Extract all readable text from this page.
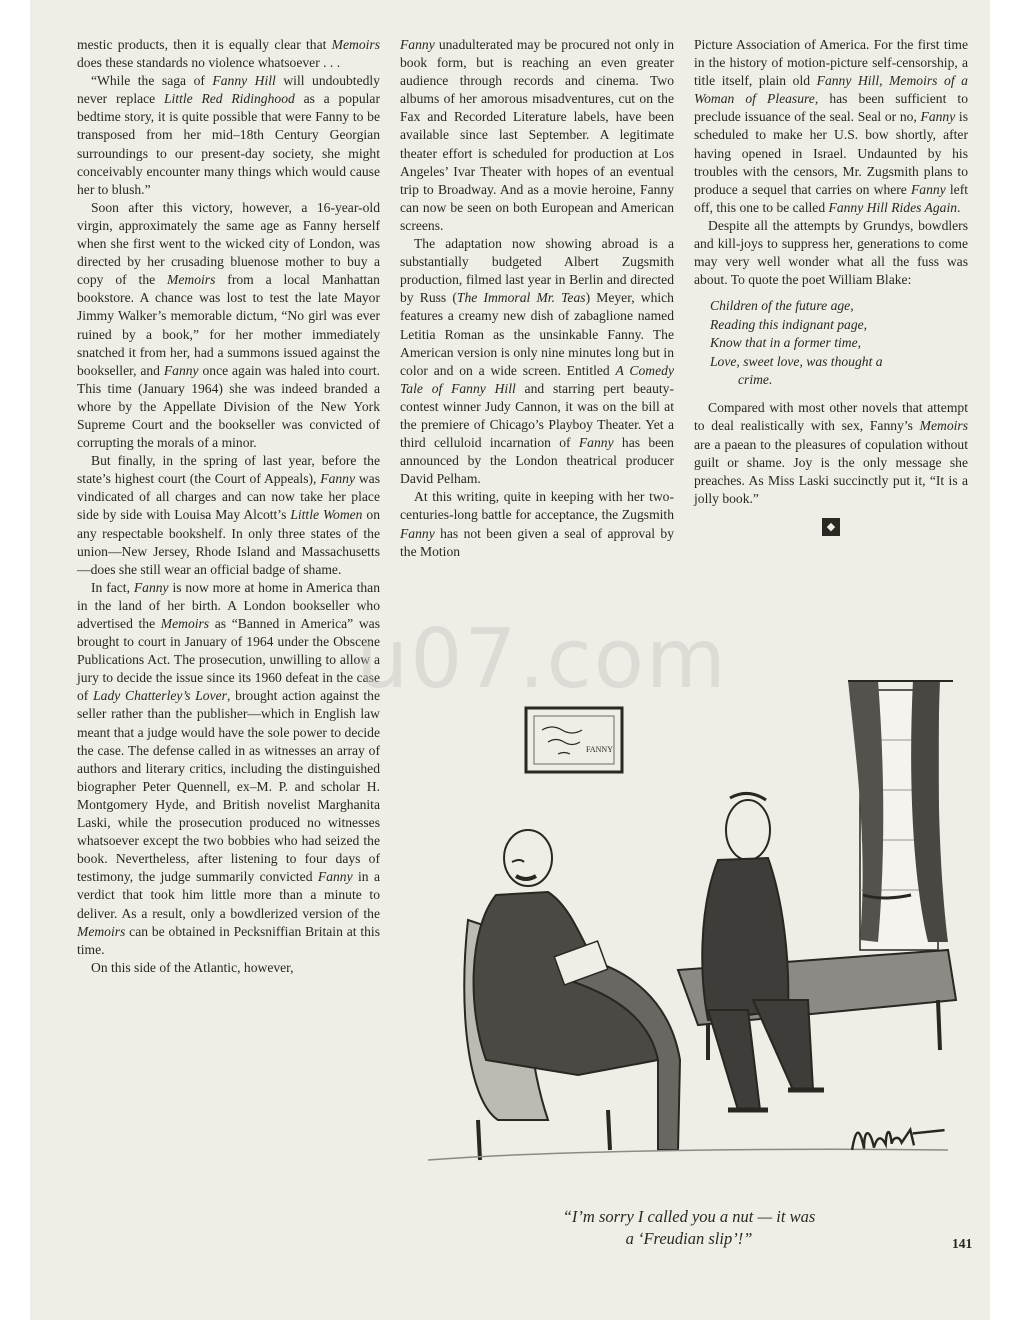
mestic products, then it is equally clear that Memoirs does these standards no violence whatsoever . . .

“While the saga of Fanny Hill will undoubtedly never replace Little Red Ridinghood as a popular bedtime story, it is quite possible that were Fanny to be transposed from her mid–18th Century Georgian surroundings to our present-day society, she might conceivably encounter many things which would cause her to blush.”

Soon after this victory, however, a 16-year-old virgin, approximately the same age as Fanny herself when she first went to the wicked city of London, was directed by her crusading bluenose mother to buy a copy of the Memoirs from a local Manhattan bookstore. A chance was lost to test the late Mayor Jimmy Walker’s memorable dictum, “No girl was ever ruined by a book,” for her mother immediately snatched it from her, had a summons issued against the bookseller, and Fanny once again was haled into court. This time (January 1964) she was indeed branded a whore by the Appellate Division of the New York Supreme Court and the bookseller was convicted of corrupting the morals of a minor.

But finally, in the spring of last year, before the state’s highest court (the Court of Appeals), Fanny was vindicated of all charges and can now take her place side by side with Louisa May Alcott’s Little Women on any respectable bookshelf. In only three states of the union—New Jersey, Rhode Island and Massachusetts—does she still wear an official badge of shame.

In fact, Fanny is now more at home in America than in the land of her birth. A London bookseller who advertised the Memoirs as “Banned in America” was brought to court in January of 1964 under the Obscene Publications Act. The prosecution, unwilling to allow a jury to decide the issue since its 1960 defeat in the case of Lady Chatterley’s Lover, brought action against the seller rather than the publisher—which in English law meant that a judge would have the sole power to decide the case. The defense called in as witnesses an array of authors and literary critics, including the distinguished biographer Peter Quennell, ex–M. P. and scholar H. Montgomery Hyde, and British novelist Marghanita Laski, while the prosecution produced no witnesses whatsoever except the two bobbies who had seized the book. Nevertheless, after listening to four days of testimony, the judge summarily convicted Fanny in a verdict that took him little more than a minute to deliver. As a result, only a bowdlerized version of the Memoirs can be obtained in Pecksniffian Britain at this time.

On this side of the Atlantic, however,

Fanny unadulterated may be procured not only in book form, but is reaching an even greater audience through records and cinema. Two albums of her amorous misadventures, cut on the Fax and Recorded Literature labels, have been available since last September. A legitimate theater effort is scheduled for production at Los Angeles’ Ivar Theater with hopes of an eventual trip to Broadway. And as a movie heroine, Fanny can now be seen on both European and American screens.

The adaptation now showing abroad is a substantially budgeted Albert Zugsmith production, filmed last year in Berlin and directed by Russ (The Immoral Mr. Teas) Meyer, which features a creamy new dish of zabaglione named Letitia Roman as the unsinkable Fanny. The American version is only nine minutes long but in color and on a wide screen. Entitled A Comedy Tale of Fanny Hill and starring pert beauty-contest winner Judy Cannon, it was on the bill at the premiere of Chicago’s Playboy Theater. Yet a third celluloid incarnation of Fanny has been announced by the London theatrical producer David Pelham.

At this writing, quite in keeping with her two-centuries-long battle for acceptance, the Zugsmith Fanny has not been given a seal of approval by the Motion

Picture Association of America. For the first time in the history of motion-picture self-censorship, a title itself, plain old Fanny Hill, Memoirs of a Woman of Pleasure, has been sufficient to preclude issuance of the seal. Seal or no, Fanny is scheduled to make her U.S. bow shortly, after having opened in Israel. Undaunted by his troubles with the censors, Mr. Zugsmith plans to produce a sequel that carries on where Fanny left off, this one to be called Fanny Hill Rides Again.

Despite all the attempts by Grundys, bowdlers and kill-joys to suppress her, generations to come may very well wonder what all the fuss was about. To quote the poet William Blake:

Children of the future age,
Reading this indignant page,
Know that in a former time,
Love, sweet love, was thought a
crime.

Compared with most other novels that attempt to deal realistically with sex, Fanny’s Memoirs are a paean to the pleasures of copulation without guilt or shame. Joy is the only message she preaches. As Miss Laski succinctly put it, “It is a jolly book.”

◆
u07.com
FANNY
“I’m sorry I called you a nut — it was
a ‘Freudian slip’!”	141
